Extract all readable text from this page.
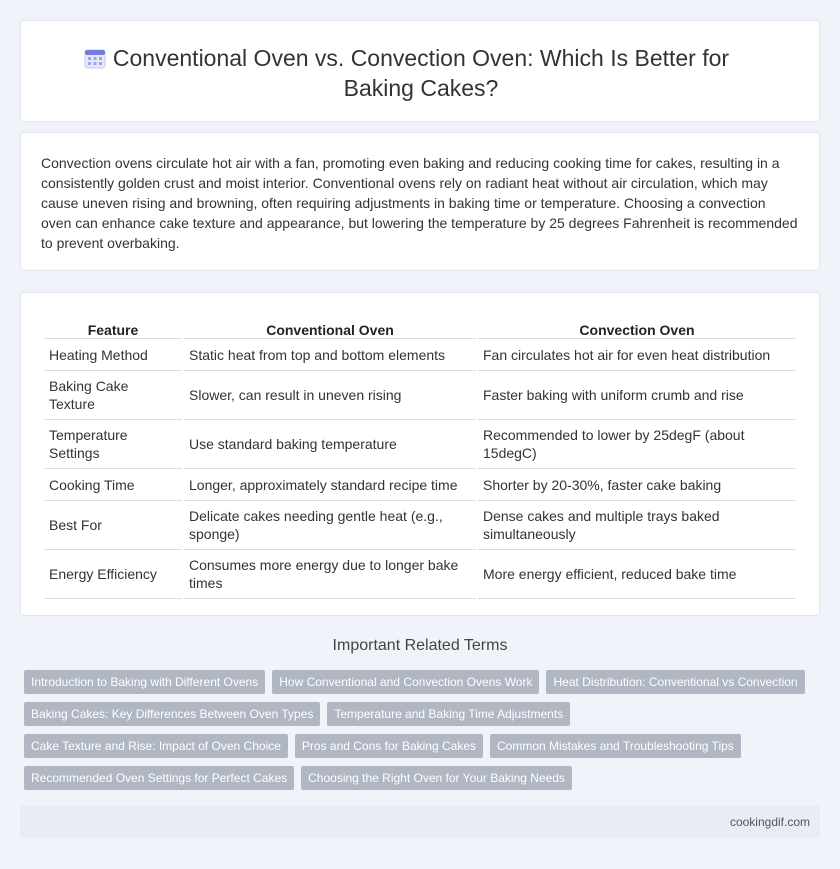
Conventional Oven vs. Convection Oven: Which Is Better for
Baking Cakes?

Convection ovens circulate hot air with a fan, promoting even baking and reducing cooking time for cakes, resulting in a consistently golden crust and moist interior. Conventional ovens rely on radiant heat without air circulation, which may cause uneven rising and browning, often requiring adjustments in baking time or temperature. Choosing a convection oven can enhance cake texture and appearance, but lowering the temperature by 25 degrees Fahrenheit is recommended to prevent overbaking.

Feature	Conventional Oven	Convection Oven
Heating Method	Static heat from top and bottom elements	Fan circulates hot air for even heat distribution
Baking Cake Texture	Slower, can result in uneven rising	Faster baking with uniform crumb and rise
Temperature Settings	Use standard baking temperature	Recommended to lower by 25degF (about 15degC)
Cooking Time	Longer, approximately standard recipe time	Shorter by 20-30%, faster cake baking
Best For	Delicate cakes needing gentle heat (e.g., sponge)	Dense cakes and multiple trays baked simultaneously
Energy Efficiency	Consumes more energy due to longer bake times	More energy efficient, reduced bake time
Important Related Terms
Introduction to Baking with Different Ovens	How Conventional and Convection Ovens Work	Heat Distribution: Conventional vs Convection
Baking Cakes: Key Differences Between Oven Types	Temperature and Baking Time Adjustments
Cake Texture and Rise: Impact of Oven Choice	Pros and Cons for Baking Cakes	Common Mistakes and Troubleshooting Tips
Recommended Oven Settings for Perfect Cakes	Choosing the Right Oven for Your Baking Needs
cookingdif.com
